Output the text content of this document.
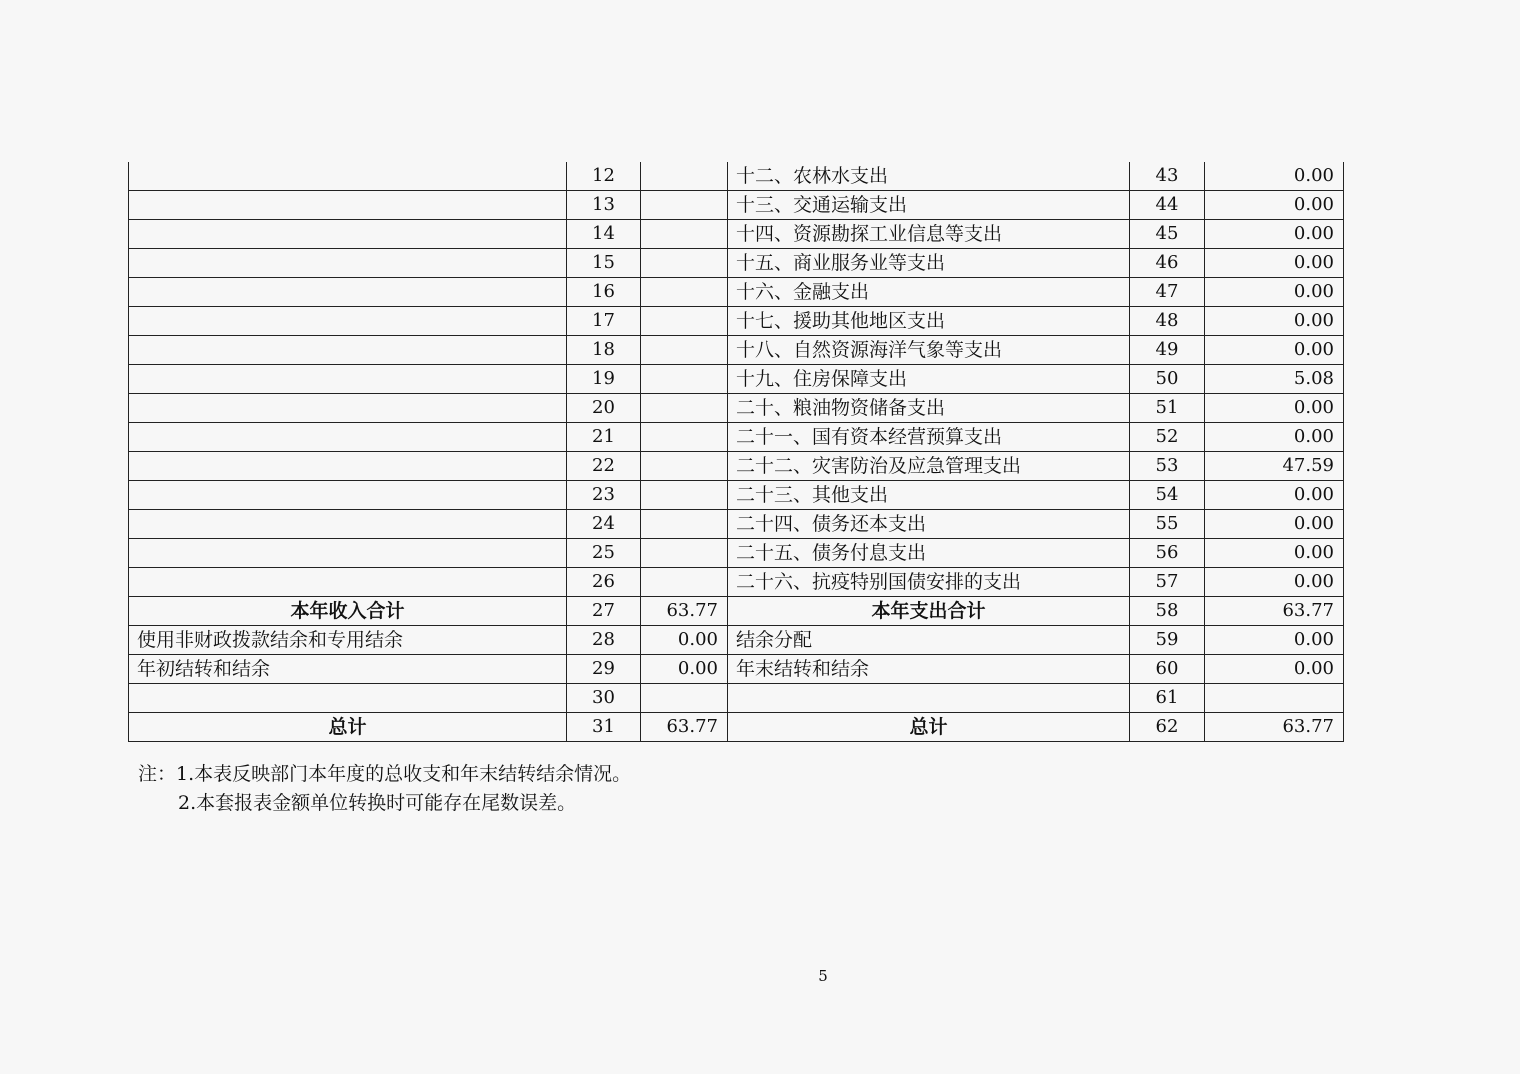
	12		十二、农林水支出	43	0.00
	13		十三、交通运输支出	44	0.00
	14		十四、资源勘探工业信息等支出	45	0.00
	15		十五、商业服务业等支出	46	0.00
	16		十六、金融支出	47	0.00
	17		十七、援助其他地区支出	48	0.00
	18		十八、自然资源海洋气象等支出	49	0.00
	19		十九、住房保障支出	50	5.08
	20		二十、粮油物资储备支出	51	0.00
	21		二十一、国有资本经营预算支出	52	0.00
	22		二十二、灾害防治及应急管理支出	53	47.59
	23		二十三、其他支出	54	0.00
	24		二十四、债务还本支出	55	0.00
	25		二十五、债务付息支出	56	0.00
	26		二十六、抗疫特别国债安排的支出	57	0.00
本年收入合计	27	63.77	本年支出合计	58	63.77
使用非财政拨款结余和专用结余	28	0.00	结余分配	59	0.00
年初结转和结余	29	0.00	年末结转和结余	60	0.00
	30			61	
总计	31	63.77	总计	62	63.77
注：1.本表反映部门本年度的总收支和年末结转结余情况。
2.本套报表金额单位转换时可能存在尾数误差。
5
